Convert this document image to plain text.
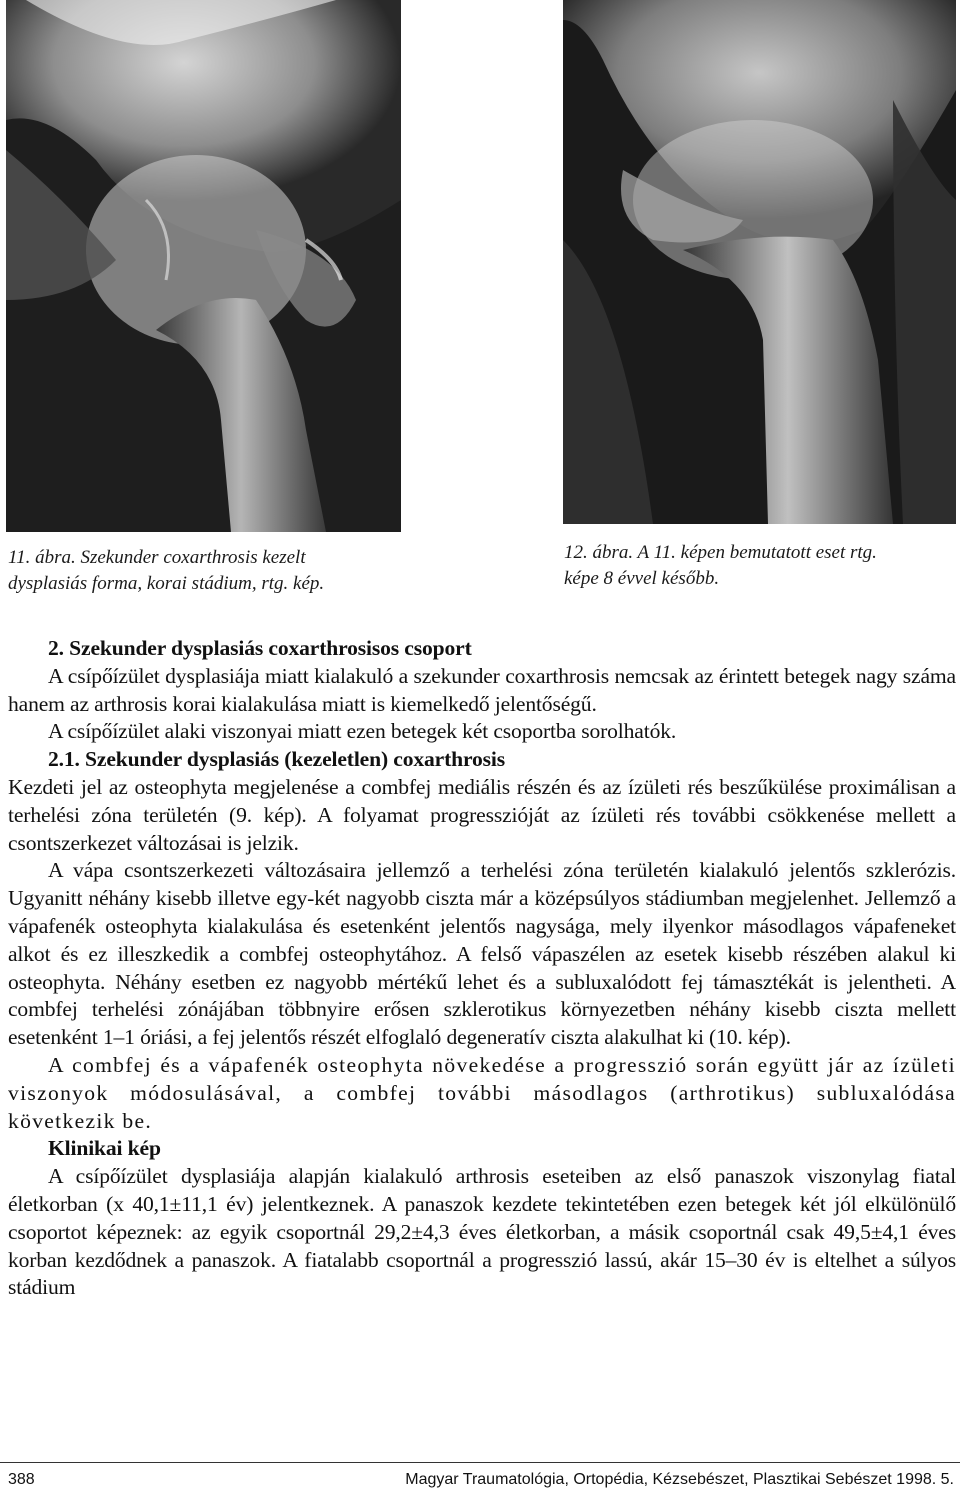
11. ábra. Szekunder coxarthrosis kezelt
dysplasiás forma, korai stádium, rtg. kép.
12. ábra. A 11. képen bemutatott eset rtg.
képe 8 évvel később.

2. Szekunder dysplasiás coxarthrosisos csoport

A csípőízület dysplasiája miatt kialakuló a szekunder coxarthrosis nemcsak az érintett betegek nagy száma hanem az arthrosis korai kialakulása miatt is kiemelkedő jelentőségű.

A csípőízület alaki viszonyai miatt ezen betegek két csoportba sorolhatók.

2.1. Szekunder dysplasiás (kezeletlen) coxarthrosis

Kezdeti jel az osteophyta megjelenése a combfej mediális részén és az ízületi rés beszűkülése proximálisan a terhelési zóna területén (9. kép). A folyamat progresszióját az ízületi rés további csökkenése mellett a csontszerkezet változásai is jelzik.

A vápa csontszerkezeti változásaira jellemző a terhelési zóna területén kialakuló jelentős szklerózis. Ugyanitt néhány kisebb illetve egy-két nagyobb ciszta már a középsúlyos stádiumban megjelenhet. Jellemző a vápafenék osteophyta kialakulása és esetenként jelentős nagysága, mely ilyenkor másodlagos vápafeneket alkot és ez illeszkedik a combfej osteophytához. A felső vápaszélen az esetek kisebb részében alakul ki osteophyta. Néhány esetben ez nagyobb mértékű lehet és a subluxalódott fej támasztékát is jelentheti. A combfej terhelési zónájában többnyire erősen szklerotikus környezetben néhány kisebb ciszta mellett esetenként 1–1 óriási, a fej jelentős részét elfoglaló degeneratív ciszta alakulhat ki (10. kép).

A combfej és a vápafenék osteophyta növekedése a progresszió során együtt jár az ízületi viszonyok módosulásával, a combfej további másodlagos (arthrotikus) subluxalódása következik be.

Klinikai kép

A csípőízület dysplasiája alapján kialakuló arthrosis eseteiben az első panaszok viszonylag fiatal életkorban (x 40,1±11,1 év) jelentkeznek. A panaszok kezdete tekintetében ezen betegek két jól elkülönülő csoportot képeznek: az egyik csoportnál 29,2±4,3 éves életkorban, a másik csoportnál csak 49,5±4,1 éves korban kezdődnek a panaszok. A fiatalabb csoportnál a progresszió lassú, akár 15–30 év is eltelhet a súlyos stádium

388	Magyar Traumatológia, Ortopédia, Kézsebészet, Plasztikai Sebészet 1998. 5.
